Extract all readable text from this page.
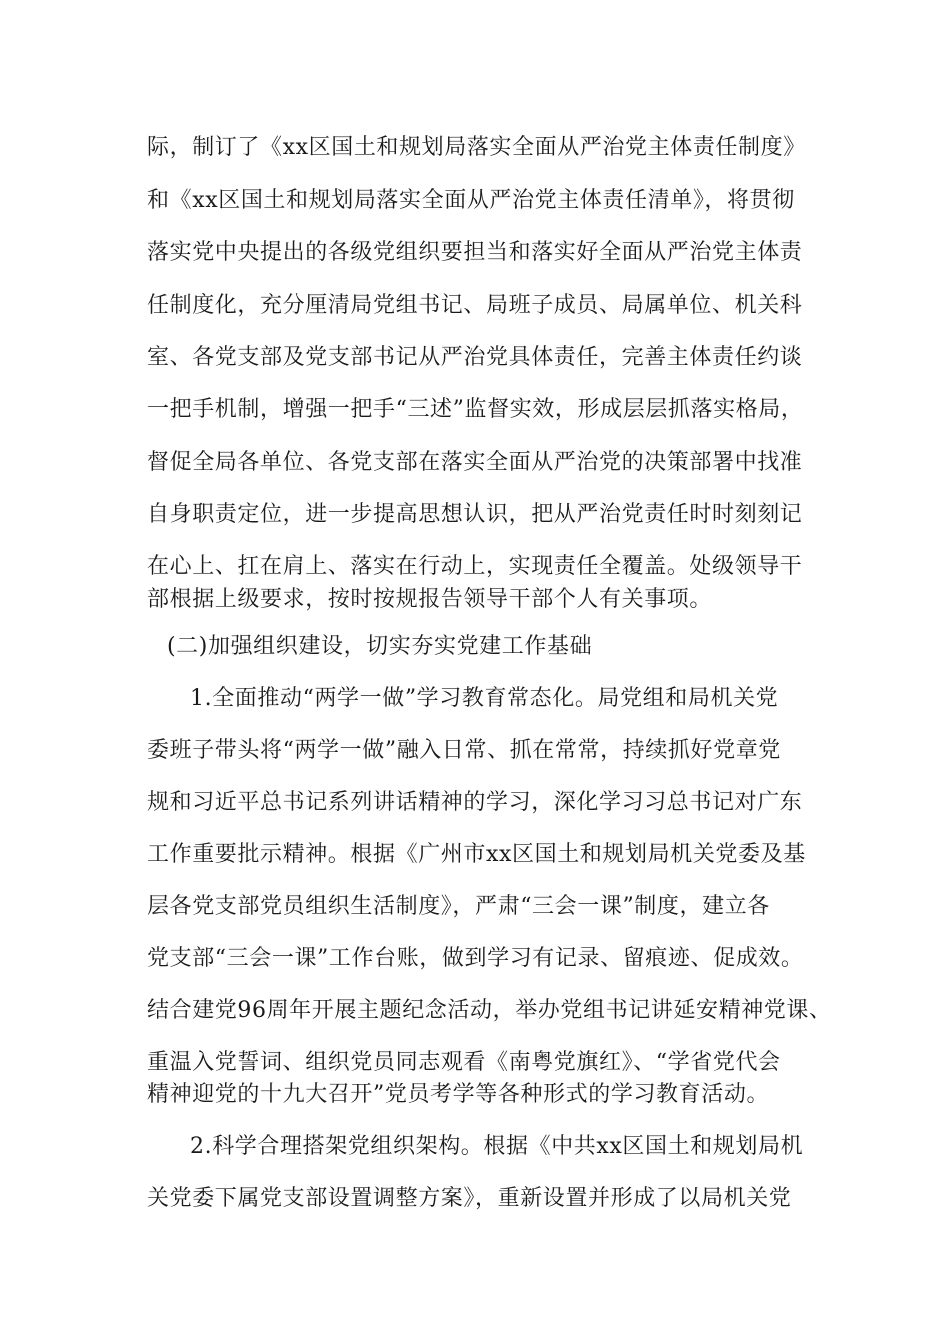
际，制订了《xx区国土和规划局落实全面从严治党主体责任制度》
和《xx区国土和规划局落实全面从严治党主体责任清单》，将贯彻
落实党中央提出的各级党组织要担当和落实好全面从严治党主体责
任制度化，充分厘清局党组书记、局班子成员、局属单位、机关科
室、各党支部及党支部书记从严治党具体责任，完善主体责任约谈
一把手机制，增强一把手“三述”监督实效，形成层层抓落实格局，
督促全局各单位、各党支部在落实全面从严治党的决策部署中找准
自身职责定位，进一步提高思想认识，把从严治党责任时时刻刻记
在心上、扛在肩上、落实在行动上，实现责任全覆盖。处级领导干
部根据上级要求，按时按规报告领导干部个人有关事项。
(二)加强组织建设，切实夯实党建工作基础
1.全面推动“两学一做”学习教育常态化。局党组和局机关党
委班子带头将“两学一做”融入日常、抓在常常，持续抓好党章党
规和习近平总书记系列讲话精神的学习，深化学习习总书记对广东
工作重要批示精神。根据《广州市xx区国土和规划局机关党委及基
层各党支部党员组织生活制度》，严肃“三会一课”制度，建立各
党支部“三会一课”工作台账，做到学习有记录、留痕迹、促成效。
结合建党96周年开展主题纪念活动，举办党组书记讲延安精神党课、
重温入党誓词、组织党员同志观看《南粤党旗红》、“学省党代会
精神迎党的十九大召开”党员考学等各种形式的学习教育活动。
2.科学合理搭架党组织架构。根据《中共xx区国土和规划局机
关党委下属党支部设置调整方案》，重新设置并形成了以局机关党
